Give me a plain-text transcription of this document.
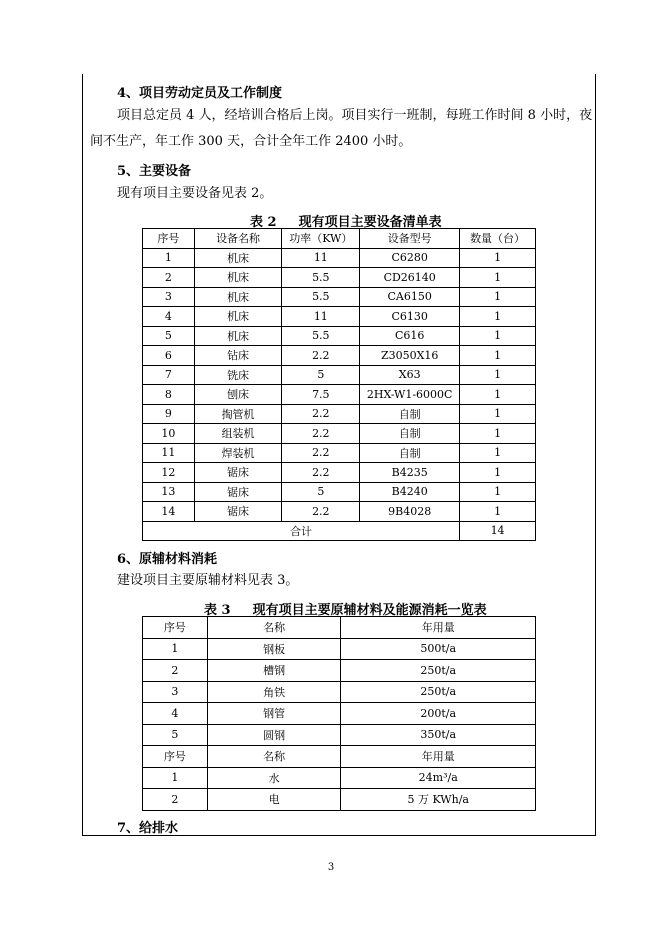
4、项目劳动定员及工作制度
项目总定员 4 人，经培训合格后上岗。项目实行一班制，每班工作时间 8 小时，夜
间不生产，年工作 300 天，合计全年工作 2400 小时。
5、主要设备
现有项目主要设备见表 2。
表 2 现有项目主要设备清单表
序号	设备名称	功率（KW）	设备型号	数量（台）
1	机床	11	C6280	1
2	机床	5.5	CD26140	1
3	机床	5.5	CA6150	1
4	机床	11	C6130	1
5	机床	5.5	C616	1
6	钻床	2.2	Z3050X16	1
7	铣床	5	X63	1
8	刨床	7.5	2HX-W1-6000C	1
9	掏管机	2.2	自制	1
10	组装机	2.2	自制	1
11	焊装机	2.2	自制	1
12	锯床	2.2	B4235	1
13	锯床	5	B4240	1
14	锯床	2.2	9B4028	1
合计				14
6、原辅材料消耗
建设项目主要原辅材料见表 3。
表 3 现有项目主要原辅材料及能源消耗一览表
序号	名称	年用量
1	钢板	500t/a
2	槽钢	250t/a
3	角铁	250t/a
4	钢管	200t/a
5	圆钢	350t/a
序号	名称	年用量
1	水	24m³/a
2	电	5 万 KWh/a
7、给排水
3
